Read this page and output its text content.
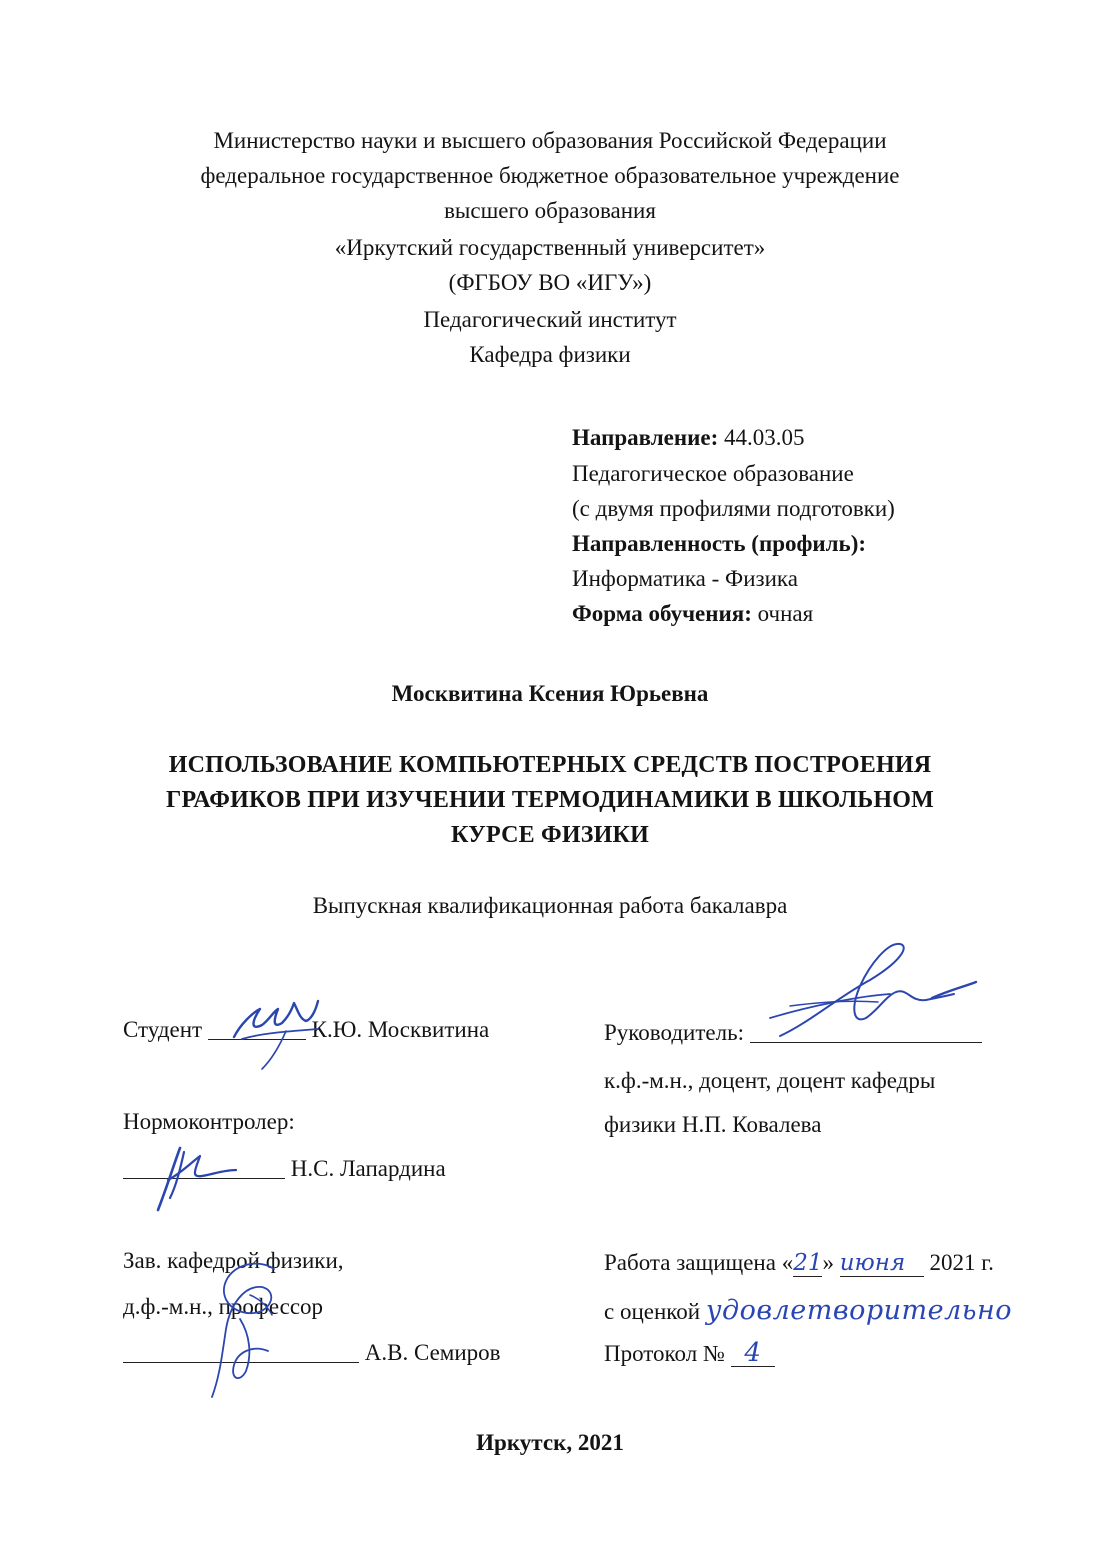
Министерство науки и высшего образования Российской Федерации
федеральное государственное бюджетное образовательное учреждение
высшего образования
«Иркутский государственный университет»
(ФГБОУ ВО «ИГУ»)
Педагогический институт
Кафедра физики
Направление: 44.03.05
Педагогическое образование
(с двумя профилями подготовки)
Направленность (профиль):
Информатика - Физика
Форма обучения: очная
Москвитина Ксения Юрьевна
ИСПОЛЬЗОВАНИЕ КОМПЬЮТЕРНЫХ СРЕДСТВ ПОСТРОЕНИЯ
ГРАФИКОВ ПРИ ИЗУЧЕНИИ ТЕРМОДИНАМИКИ В ШКОЛЬНОМ
КУРСЕ ФИЗИКИ
Выпускная квалификационная работа бакалавра
Студент	К.Ю. Москвитина	Руководитель:
к.ф.-м.н., доцент, доцент кафедры
физики Н.П. Ковалева
Нормоконтролер:
Н.С. Лапардина
Зав. кафедрой физики,
д.ф.-м.н., профессор
А.В. Семиров
Работа защищена «21» июня 2021 г.
с оценкой удовлетворительно
Протокол № 4
Иркутск, 2021
